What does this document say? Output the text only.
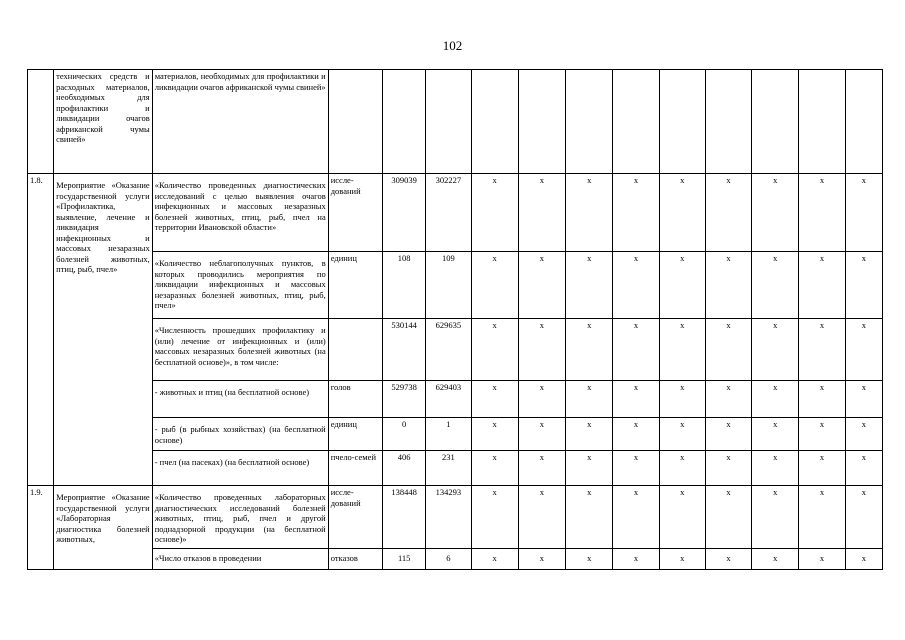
102
	технических средств и расходных материалов, необходимых для профилактики и ликвидации очагов африканской чумы свиней»	материалов, необходимых для профилактики и ликвидации очагов африканской чумы свиней»												
1.8.	Мероприятие «Оказание государственной услуги «Профилактика, выявление, лечение и ликвидация инфекционных и массовых незаразных болезней животных, птиц, рыб, пчел»	«Количество проведенных диагностических исследований с целью выявления очагов инфекционных и массовых незаразных болезней животных, птиц, рыб, пчел на территории Ивановской области»	иссле-дований	309039	302227	х	х	х	х	х	х	х	х	х
		«Количество неблагополучных пунктов, в которых проводились мероприятия по ликвидации инфекционных и массовых незаразных болезней животных, птиц, рыб, пчел»	единиц	108	109	х	х	х	х	х	х	х	х	х
		«Численность прошедших профилактику и (или) лечение от инфекционных и (или) массовых незаразных болезней животных (на бесплатной основе)», в том числе:		530144	629635	х	х	х	х	х	х	х	х	х
		- животных и птиц (на бесплатной основе)	голов	529738	629403	х	х	х	х	х	х	х	х	х
		- рыб (в рыбных хозяйствах) (на бесплатной основе)	единиц	0	1	х	х	х	х	х	х	х	х	х
		- пчел (на пасеках) (на бесплатной основе)	пчело-семей	406	231	х	х	х	х	х	х	х	х	х
1.9.	Мероприятие «Оказание государственной услуги «Лабораторная диагностика болезней животных,	«Количество проведенных лабораторных диагностических исследований болезней животных, птиц, рыб, пчел и другой поднадзорной продукции (на бесплатной основе)»	иссле-дований	138448	134293	х	х	х	х	х	х	х	х	х
		«Число отказов в проведении	отказов	115	6	х	х	х	х	х	х	х	х	х
